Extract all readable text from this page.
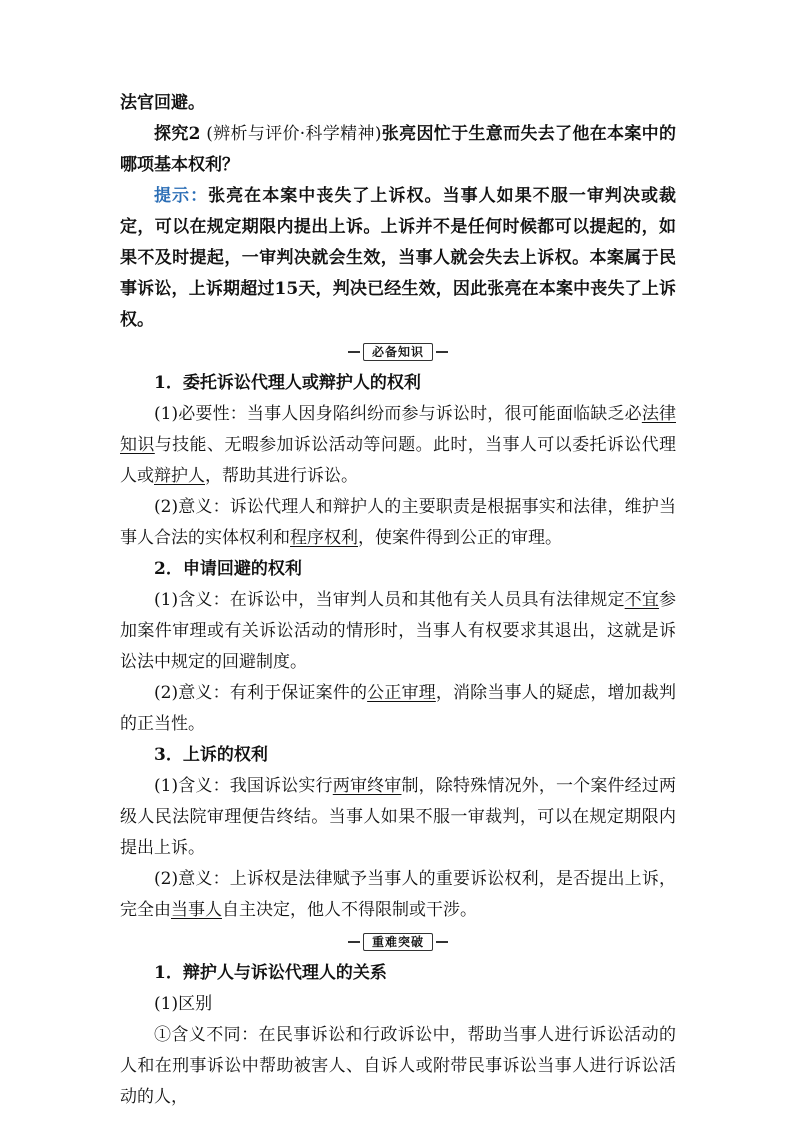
法官回避。

探究2 (辨析与评价·科学精神)张亮因忙于生意而失去了他在本案中的哪项基本权利？

提示：张亮在本案中丧失了上诉权。当事人如果不服一审判决或裁定，可以在规定期限内提出上诉。上诉并不是任何时候都可以提起的，如果不及时提起，一审判决就会生效，当事人就会失去上诉权。本案属于民事诉讼，上诉期超过15天，判决已经生效，因此张亮在本案中丧失了上诉权。

必备知识

1．委托诉讼代理人或辩护人的权利

(1)必要性：当事人因身陷纠纷而参与诉讼时，很可能面临缺乏必法律知识与技能、无暇参加诉讼活动等问题。此时，当事人可以委托诉讼代理人或辩护人，帮助其进行诉讼。

(2)意义：诉讼代理人和辩护人的主要职责是根据事实和法律，维护当事人合法的实体权利和程序权利，使案件得到公正的审理。

2．申请回避的权利

(1)含义：在诉讼中，当审判人员和其他有关人员具有法律规定不宜参加案件审理或有关诉讼活动的情形时，当事人有权要求其退出，这就是诉讼法中规定的回避制度。

(2)意义：有利于保证案件的公正审理，消除当事人的疑虑，增加裁判的正当性。

3．上诉的权利

(1)含义：我国诉讼实行两审终审制，除特殊情况外，一个案件经过两级人民法院审理便告终结。当事人如果不服一审裁判，可以在规定期限内提出上诉。

(2)意义：上诉权是法律赋予当事人的重要诉讼权利，是否提出上诉，完全由当事人自主决定，他人不得限制或干涉。

重难突破

1．辩护人与诉讼代理人的关系

(1)区别

①含义不同：在民事诉讼和行政诉讼中，帮助当事人进行诉讼活动的人和在刑事诉讼中帮助被害人、自诉人或附带民事诉讼当事人进行诉讼活动的人，
